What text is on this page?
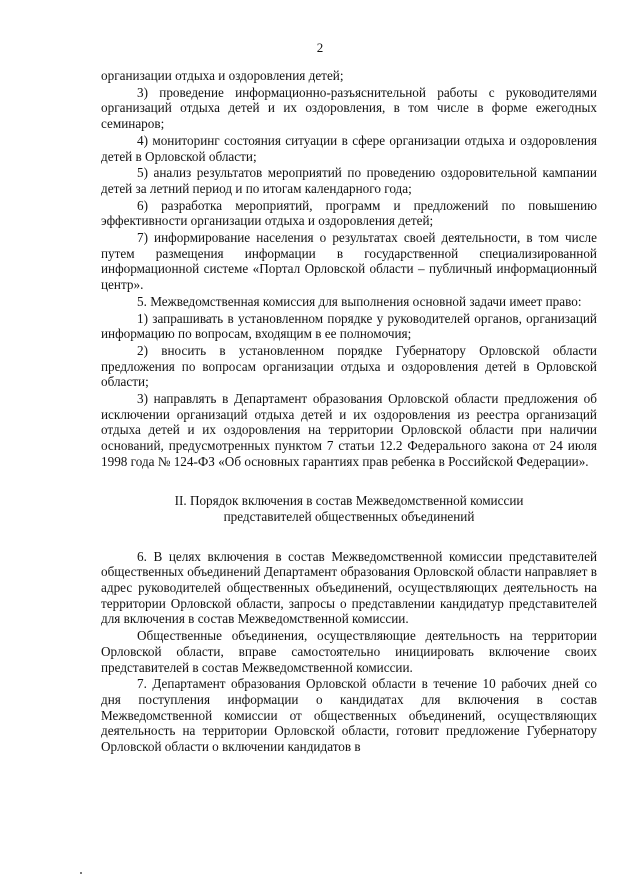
2

организации отдыха и оздоровления детей;

3) проведение информационно-разъяснительной работы с руководителями организаций отдыха детей и их оздоровления, в том числе в форме ежегодных семинаров;

4) мониторинг состояния ситуации в сфере организации отдыха и оздоровления детей в Орловской области;

5) анализ результатов мероприятий по проведению оздоровительной кампании детей за летний период и по итогам календарного года;

6) разработка мероприятий, программ и предложений по повышению эффективности организации отдыха и оздоровления детей;

7) информирование населения о результатах своей деятельности, в том числе путем размещения информации в государственной специализированной информационной системе «Портал Орловской области – публичный информационный центр».

5. Межведомственная комиссия для выполнения основной задачи имеет право:

1) запрашивать в установленном порядке у руководителей органов, организаций информацию по вопросам, входящим в ее полномочия;

2) вносить в установленном порядке Губернатору Орловской области предложения по вопросам организации отдыха и оздоровления детей в Орловской области;

3) направлять в Департамент образования Орловской области предложения об исключении организаций отдыха детей и их оздоровления из реестра организаций отдыха детей и их оздоровления на территории Орловской области при наличии оснований, предусмотренных пунктом 7 статьи 12.2 Федерального закона от 24 июля 1998 года № 124-ФЗ «Об основных гарантиях прав ребенка в Российской Федерации».

II. Порядок включения в состав Межведомственной комиссии
представителей общественных объединений

6. В целях включения в состав Межведомственной комиссии представителей общественных объединений Департамент образования Орловской области направляет в адрес руководителей общественных объединений, осуществляющих деятельность на территории Орловской области, запросы о представлении кандидатур представителей для включения в состав Межведомственной комиссии.

Общественные объединения, осуществляющие деятельность на территории Орловской области, вправе самостоятельно инициировать включение своих представителей в состав Межведомственной комиссии.

7. Департамент образования Орловской области в течение 10 рабочих дней со дня поступления информации о кандидатах для включения в состав Межведомственной комиссии от общественных объединений, осуществляющих деятельность на территории Орловской области, готовит предложение Губернатору Орловской области о включении кандидатов в
